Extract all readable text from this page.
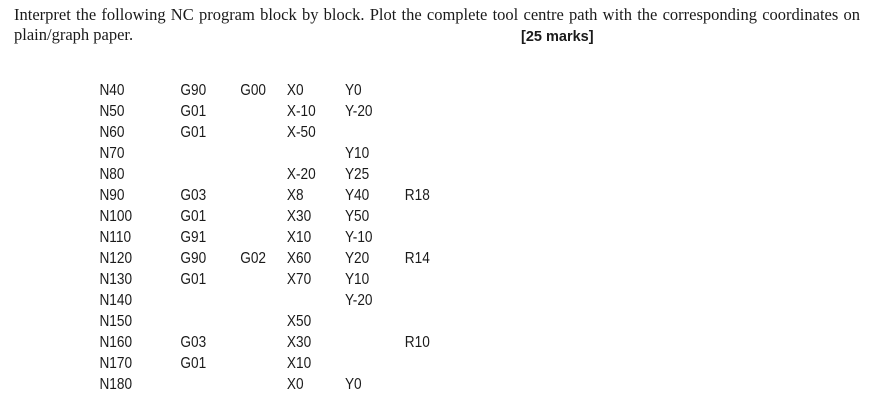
Interpret the following NC program block by block. Plot the complete tool centre path with the corresponding coordinates on plain/graph paper.	[25 marks]
N40	G90 G00 X0	Y0
N50	G01	X-10 Y-20
N60	G01	X-50
N70	Y10
N80	X-20 Y25
N90	G03	X8	Y40 R18
N100	G01	X30 Y50
N110	G91	X10 Y-10
N120	G90 G02 X60 Y20 R14
N130	G01	X70 Y10
N140	Y-20
N150	X50
N160	G03	X30	R10
N170	G01	X10
N180	X0	Y0
